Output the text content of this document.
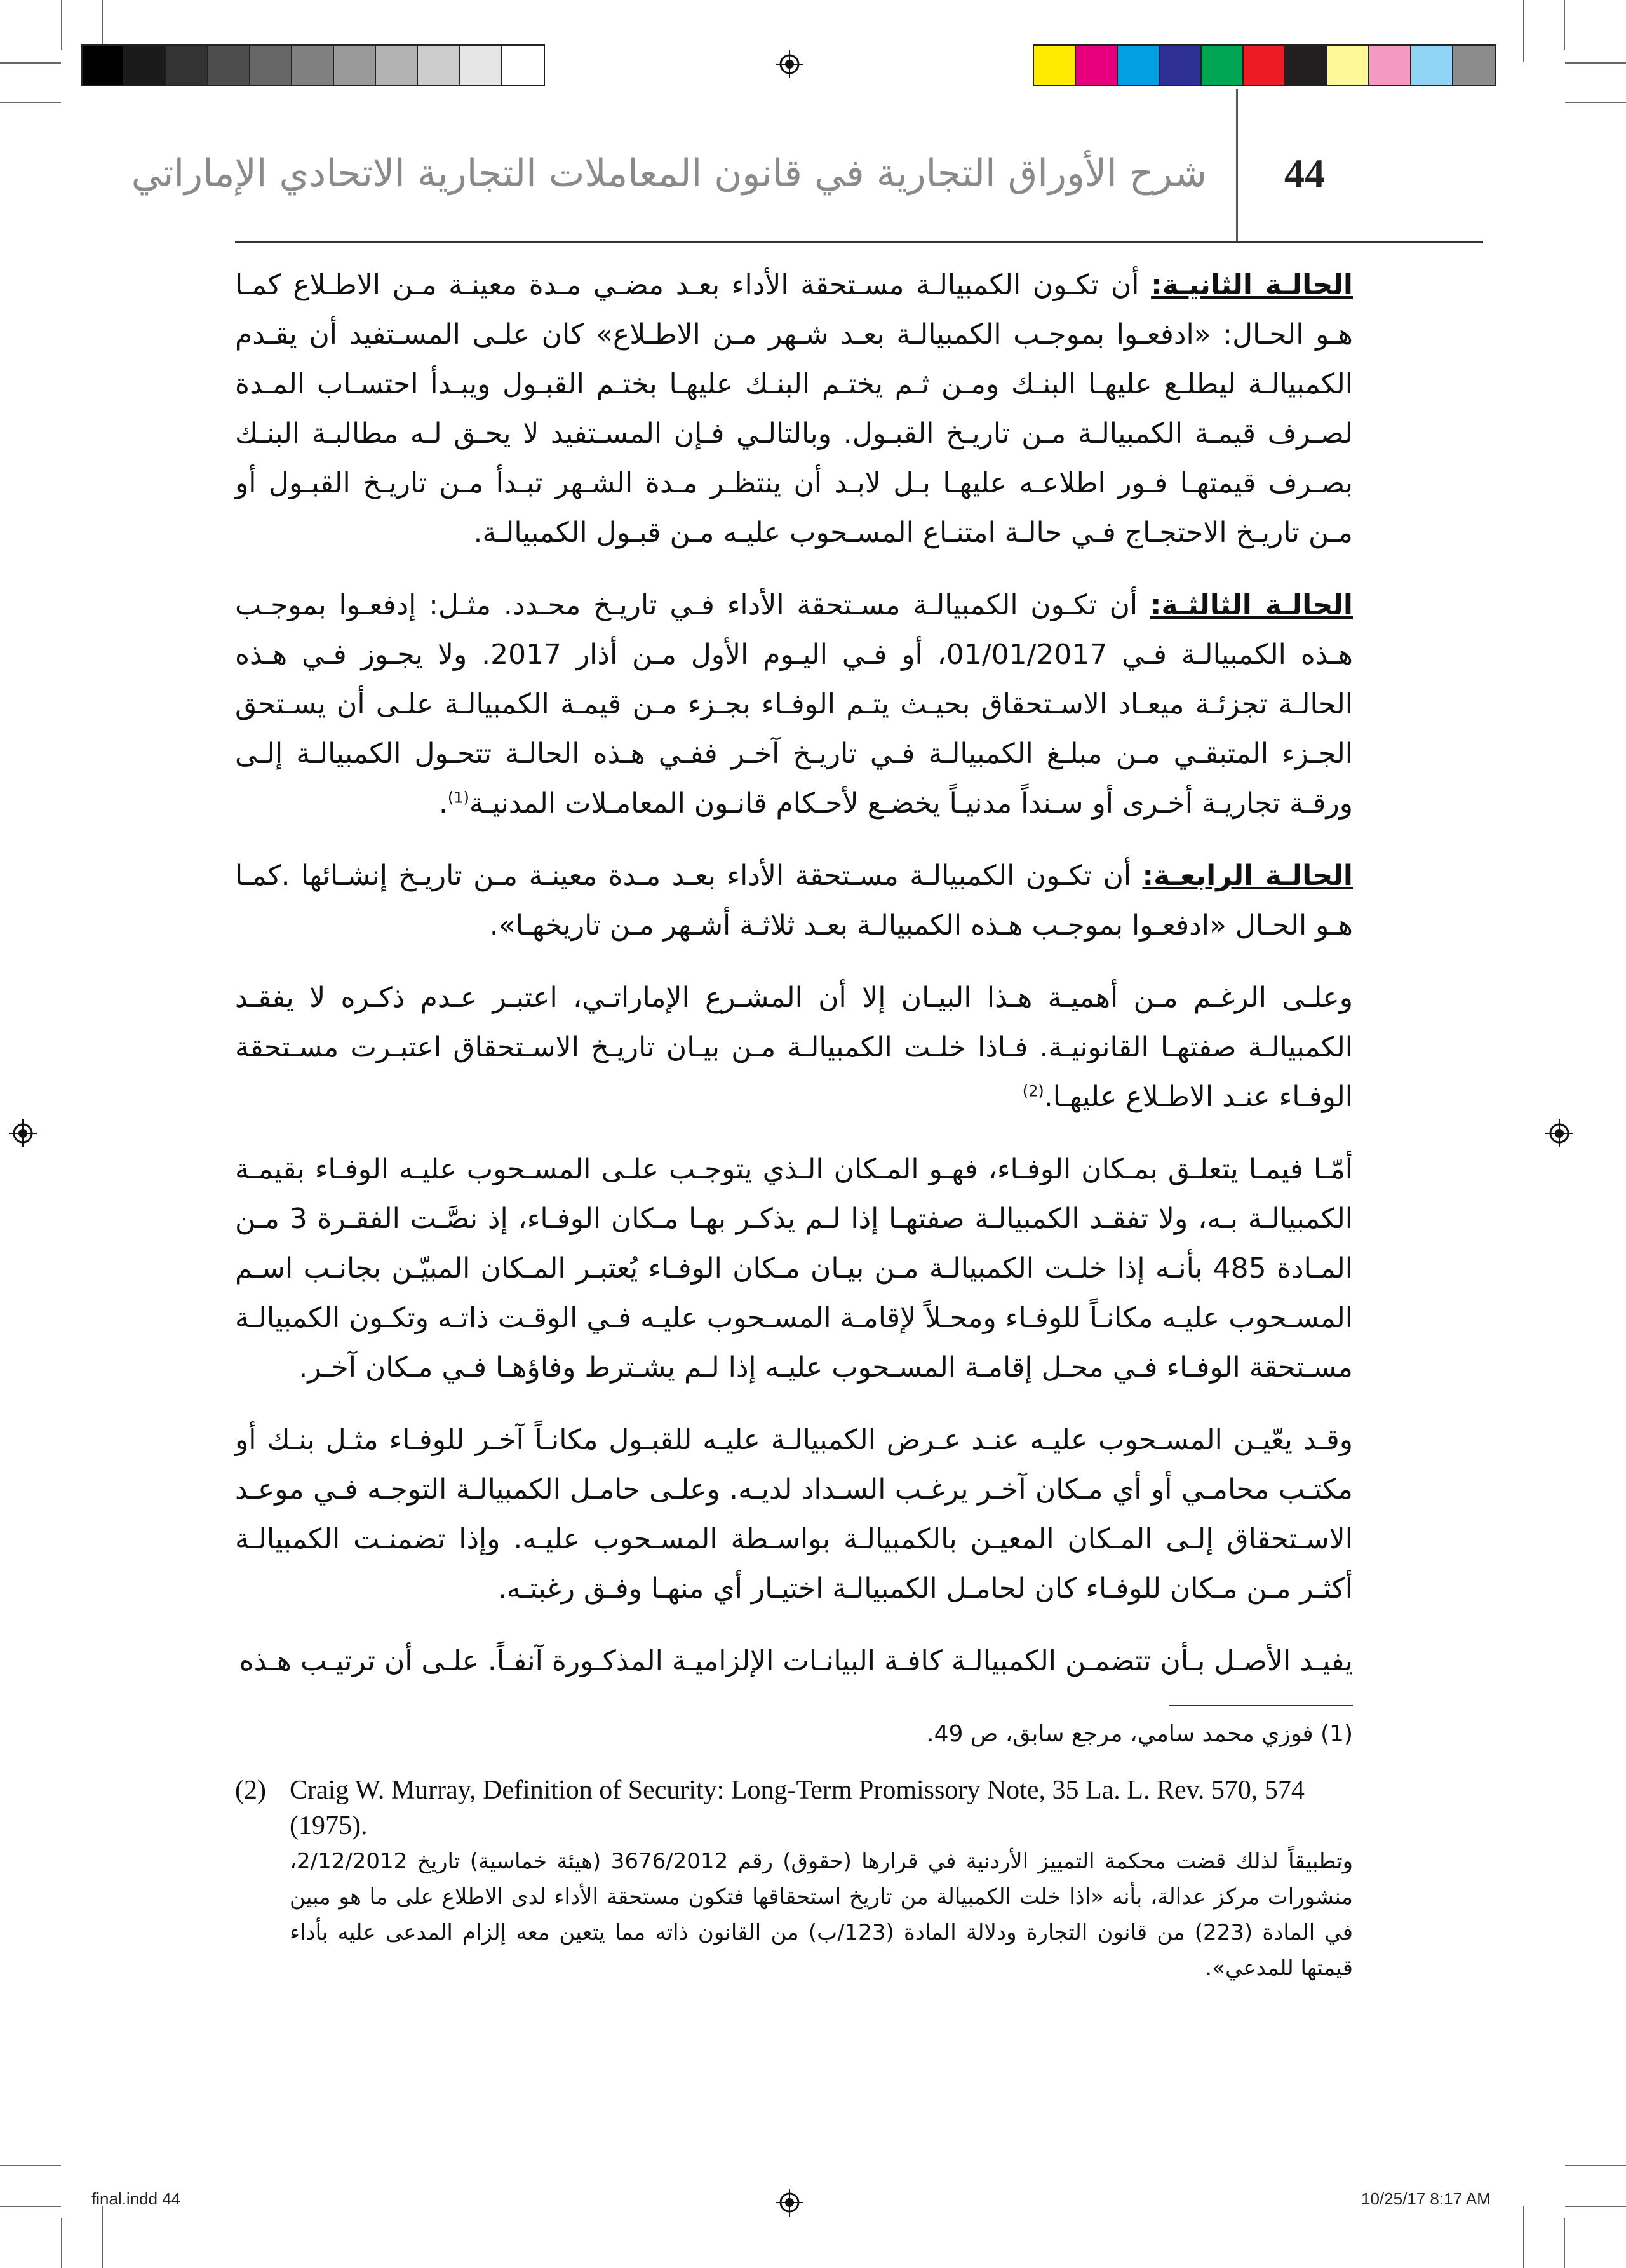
44
شرح الأوراق التجارية في قانون المعاملات التجارية الاتحادي الإماراتي

الحالـة الثانيـة: أن تكـون الكمبيالـة مسـتحقة الأداء بعـد مضـي مـدة معينـة مـن الاطـلاع كمـا هـو الحـال: «ادفعـوا بموجـب الكمبيالـة بعـد شـهر مـن الاطـلاع» كان علـى المسـتفيد أن يقـدم الكمبيالـة ليطلـع عليهـا البنـك ومـن ثـم يختـم البنـك عليهـا بختـم القبـول ويبـدأ احتسـاب المـدة لصـرف قيمـة الكمبيالـة مـن تاريـخ القبـول. وبالتالـي فـإن المسـتفيد لا يحـق لـه مطالبـة البنـك بصـرف قيمتهـا فـور اطلاعـه عليهـا بـل لابـد أن ينتظـر مـدة الشـهر تبـدأ مـن تاريـخ القبـول أو مـن تاريـخ الاحتجـاج فـي حالـة امتنـاع المسـحوب عليـه مـن قبـول الكمبيالـة.

الحالـة الثالثـة: أن تكـون الكمبيالـة مسـتحقة الأداء فـي تاريـخ محـدد. مثـل: إدفعـوا بموجـب هـذه الكمبيالـة فـي 01/01/2017، أو فـي اليـوم الأول مـن أذار 2017. ولا يجـوز فـي هـذه الحالـة تجزئـة ميعـاد الاسـتحقاق بحيـث يتـم الوفـاء بجـزء مـن قيمـة الكمبيالـة علـى أن يسـتحق الجـزء المتبقـي مـن مبلـغ الكمبيالـة فـي تاريـخ آخـر ففـي هـذه الحالـة تتحـول الكمبيالـة إلـى ورقـة تجاريـة أخـرى أو سـنداً مدنيـاً يخضـع لأحـكام قانـون المعامـلات المدنيـة$^{(1)}$.

الحالـة الرابعـة: أن تكـون الكمبيالـة مسـتحقة الأداء بعـد مـدة معينـة مـن تاريـخ إنشـائها .كمـا هـو الحـال «ادفعـوا بموجـب هـذه الكمبيالـة بعـد ثلاثـة أشـهر مـن تاريخهـا».

وعلـى الرغـم مـن أهميـة هـذا البيـان إلا أن المشـرع الإماراتـي، اعتبـر عـدم ذكـره لا يفقـد الكمبيالـة صفتهـا القانونيـة. فـاذا خلـت الكمبيالـة مـن بيـان تاريـخ الاسـتحقاق اعتبـرت مسـتحقة الوفـاء عنـد الاطـلاع عليهـا.$^{(2)}$

أمّـا فيمـا يتعلـق بمـكان الوفـاء، فهـو المـكان الـذي يتوجـب علـى المسـحوب عليـه الوفـاء بقيمـة الكمبيالـة بـه، ولا تفقـد الكمبيالـة صفتهـا إذا لـم يذكـر بهـا مـكان الوفـاء، إذ نصَّـت الفقـرة 3 مـن المـادة 485 بأنـه إذا خلـت الكمبيالـة مـن بيـان مـكان الوفـاء يُعتبـر المـكان المبيّـن بجانـب اسـم المسـحوب عليـه مكانـاً للوفـاء ومحـلاً لإقامـة المسـحوب عليـه فـي الوقـت ذاتـه وتكـون الكمبيالـة مسـتحقة الوفـاء فـي محـل إقامـة المسـحوب عليـه إذا لـم يشـترط وفاؤهـا فـي مـكان آخـر.

وقـد يعّيـن المسـحوب عليـه عنـد عـرض الكمبيالـة عليـه للقبـول مكانـاً آخـر للوفـاء مثـل بنـك أو مكتـب محامـي أو أي مـكان آخـر يرغـب السـداد لديـه. وعلـى حامـل الكمبيالـة التوجـه فـي موعـد الاسـتحقاق إلـى المـكان المعيـن بالكمبيالـة بواسـطة المسـحوب عليـه. وإذا تضمنـت الكمبيالـة أكثـر مـن مـكان للوفـاء كان لحامـل الكمبيالـة اختيـار أي منهـا وفـق رغبتـه.

يفيـد الأصـل بـأن تتضمـن الكمبيالـة كافـة البيانـات الإلزاميـة المذكـورة آنفـاً. علـى أن ترتيـب هـذه

(1) فوزي محمد سامي، مرجع سابق، ص 49.
(2) Craig W. Murray, Definition of Security: Long-Term Promissory Note, 35 La. L. Rev. 570, 574 (1975).
وتطبيقاً لذلك قضت محكمة التمييز الأردنية في قرارها (حقوق) رقم 3676/2012 (هيئة خماسية) تاريخ 2/12/2012، منشورات مركز عدالة، بأنه «اذا خلت الكمبيالة من تاريخ استحقاقها فتكون مستحقة الأداء لدى الاطلاع على ما هو مبين في المادة (223) من قانون التجارة ودلالة المادة (123/ب) من القانون ذاته مما يتعين معه إلزام المدعى عليه بأداء قيمتها للمدعي».
final.indd 44	10/25/17 8:17 AM
